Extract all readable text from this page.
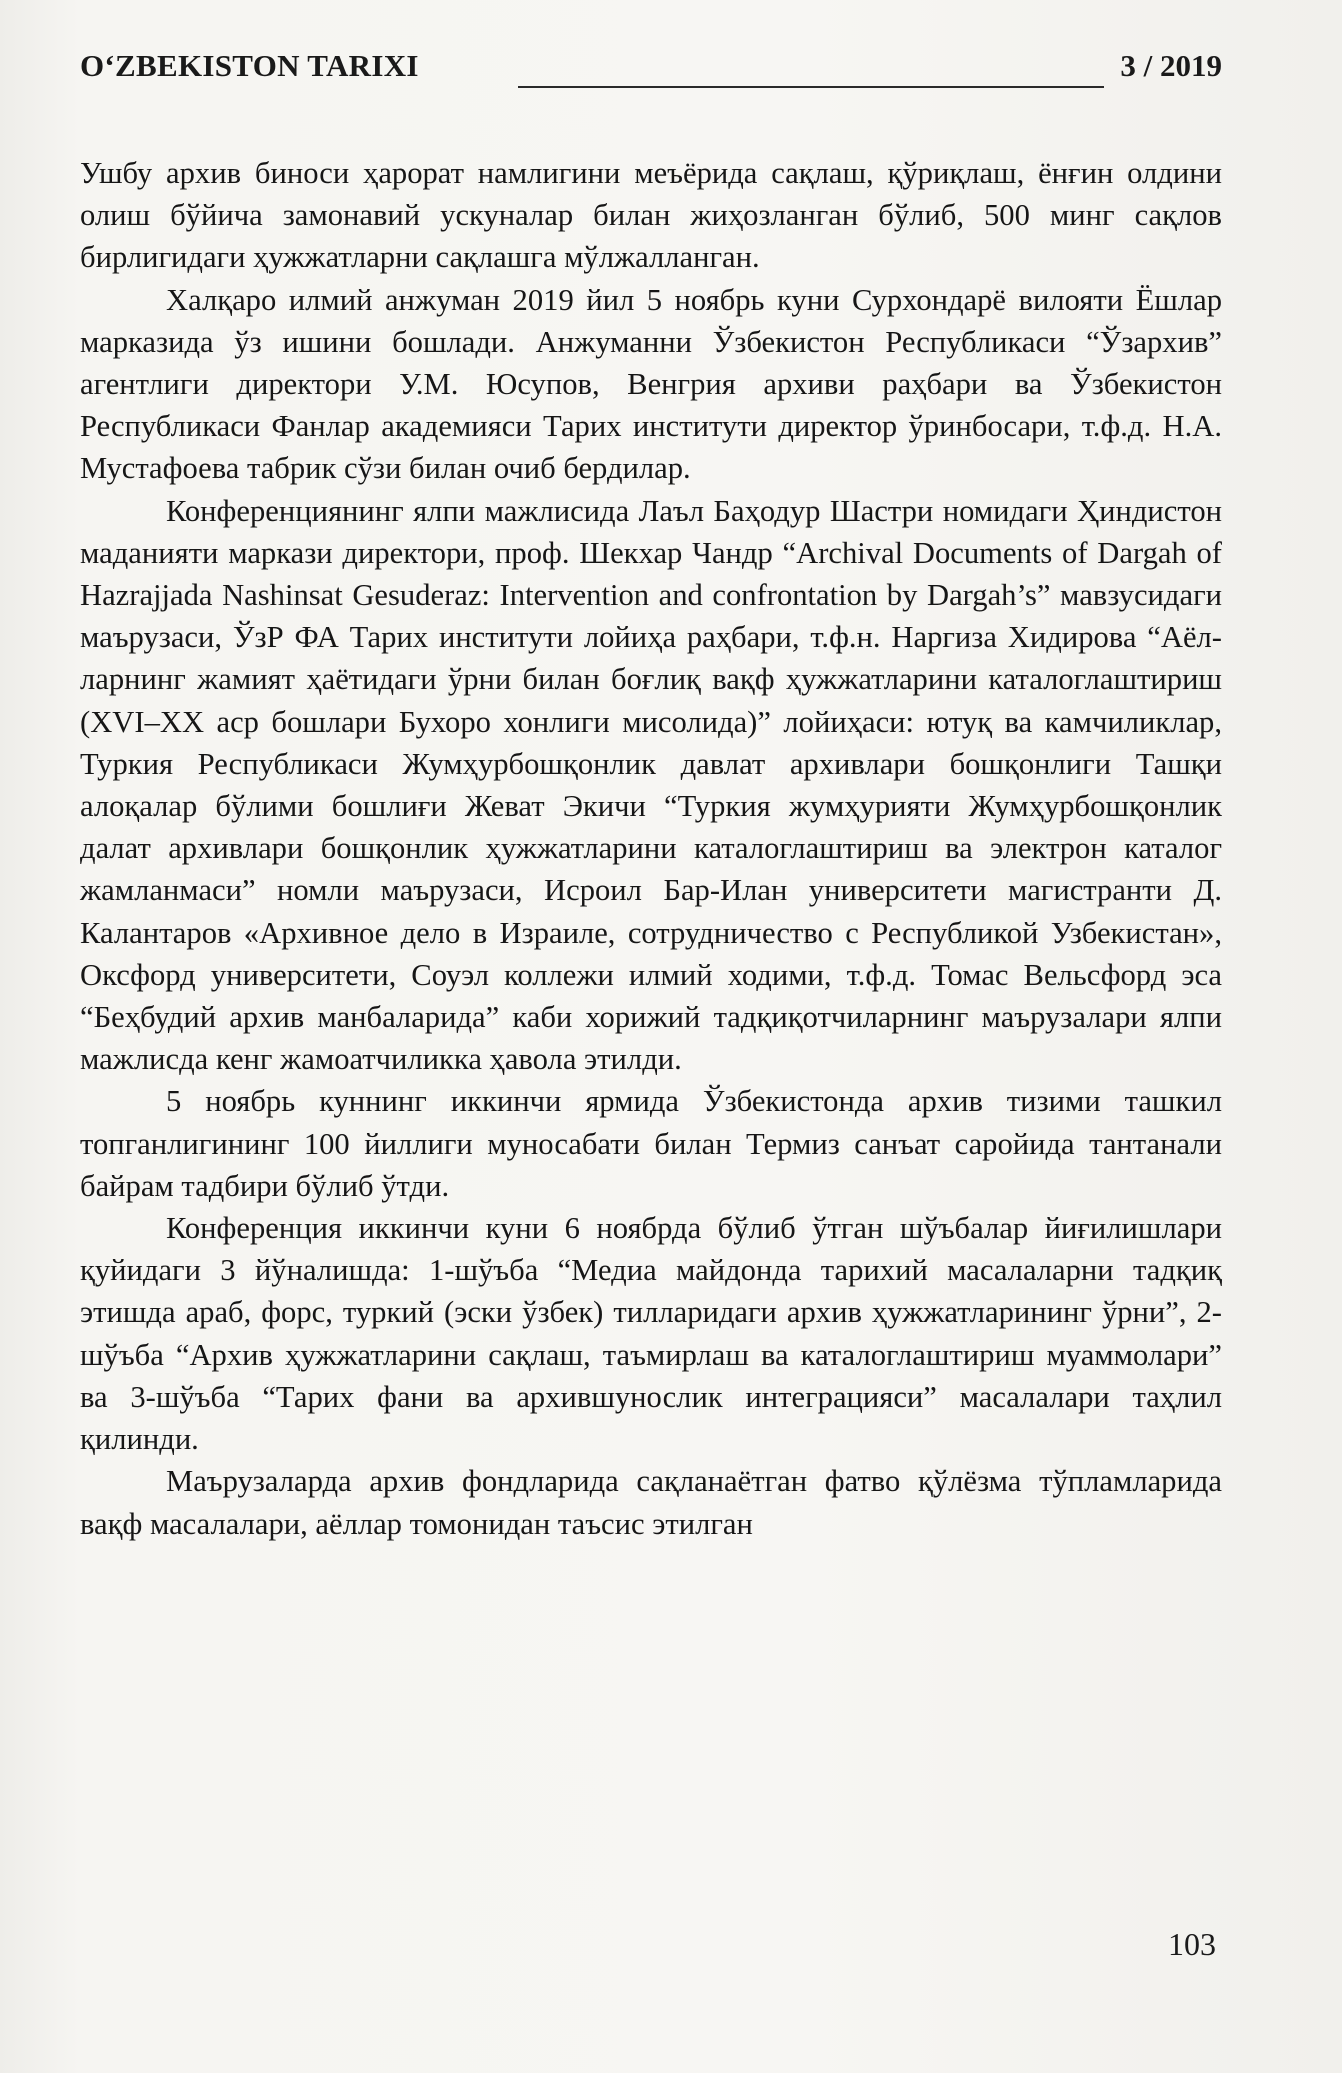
O‘ZBEKISTON TARIXI	3 / 2019

Ушбу архив биноси ҳарорат намлигини меъёрида сақлаш, қўриқлаш, ёнғин олдини олиш бўйича замонавий ускуналар билан жиҳозланган бўлиб, 500 минг сақлов бирлигидаги ҳужжатларни сақлашга мўлжалланган.

Халқаро илмий анжуман 2019 йил 5 ноябрь куни Сурхондарё вилояти Ёшлар марказида ўз ишини бошлади. Анжуманни Ўзбекистон Республикаси “Ўзархив” агентлиги директори У.М. Юсупов, Венгрия архиви раҳбари ва Ўзбекистон Республикаси Фанлар академияси Тарих институти директор ўринбосари, т.ф.д. Н.А. Мустафоева табрик сўзи билан очиб бердилар.

Конференциянинг ялпи мажлисида Лаъл Баҳодур Шастри номидаги Ҳиндистон маданияти маркази директори, проф. Шекхар Чандр “Archival Documents of Dargah of Hazrajjada Nashinsat Gesuderaz: Intervention and confrontation by Dargah’s” мавзусидаги маърузаси, ЎзР ФА Тарих институти лойиҳа раҳбари, т.ф.н. Наргиза Хидирова “Аёлларнинг жамият ҳаётидаги ўрни билан боғлиқ вақф ҳужжатларини каталоглаштириш (XVI–XX аср бошлари Бухоро хонлиги мисолида)” лойиҳаси: ютуқ ва камчиликлар, Туркия Республикаси Жумҳурбошқонлик давлат архивлари бошқонлиги Ташқи алоқалар бўлими бошлиғи Жеват Экичи “Туркия жумҳурияти Жумҳурбошқонлик далат архивлари бошқонлик ҳужжатларини каталоглаштириш ва электрон каталог жамланмаси” номли маърузаси, Исроил Бар-Илан университети магистранти Д. Калантаров «Архивное дело в Израиле, сотрудничество с Республикой Узбекистан», Оксфорд университети, Соуэл коллежи илмий ходими, т.ф.д. Томас Вельсфорд эса “Беҳбудий архив манбаларида” каби хорижий тадқиқотчиларнинг маърузалари ялпи мажлисда кенг жамоатчиликка ҳавола этилди.

5 ноябрь куннинг иккинчи ярмида Ўзбекистонда архив тизими ташкил топганлигининг 100 йиллиги муносабати билан Термиз санъат саройида тантанали байрам тадбири бўлиб ўтди.

Конференция иккинчи куни 6 ноябрда бўлиб ўтган шўъбалар йиғилишлари қуйидаги 3 йўналишда: 1-шўъба “Медиа майдонда тарихий масалаларни тадқиқ этишда араб, форс, туркий (эски ўзбек) тилларидаги архив ҳужжатларининг ўрни”, 2-шўъба “Архив ҳужжатларини сақлаш, таъмирлаш ва каталоглаштириш муаммолари” ва 3-шўъба “Тарих фани ва архившунослик интеграцияси” масалалари таҳлил қилинди.

Маърузаларда архив фондларида сақланаётган фатво қўлёзма тўпламларида вақф масалалари, аёллар томонидан таъсис этилган

103
